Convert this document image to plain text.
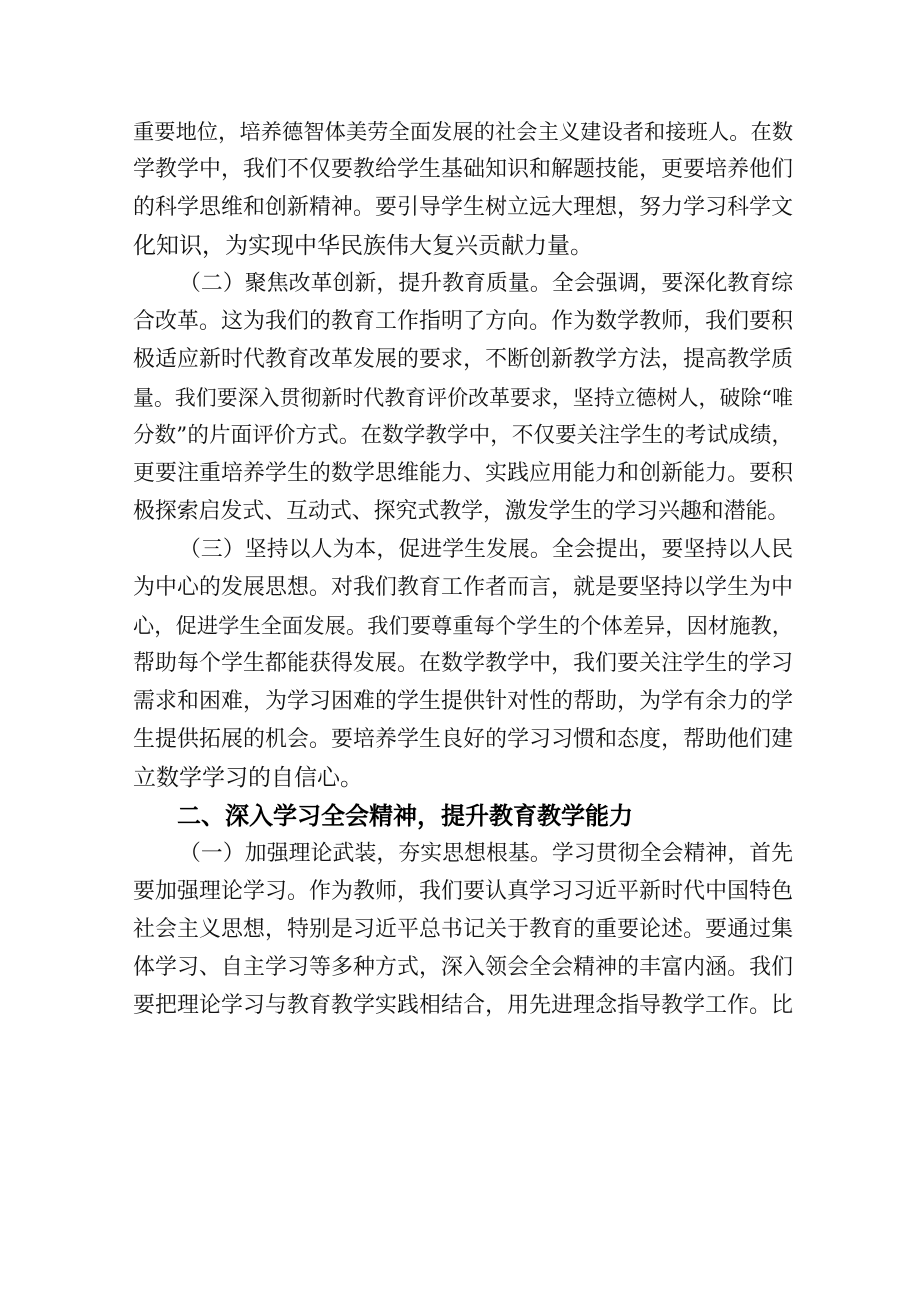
重要地位，培养德智体美劳全面发展的社会主义建设者和接班人。在数

学教学中，我们不仅要教给学生基础知识和解题技能，更要培养他们

的科学思维和创新精神。要引导学生树立远大理想，努力学习科学文

化知识，为实现中华民族伟大复兴贡献力量。

（二）聚焦改革创新，提升教育质量。全会强调，要深化教育综

合改革。这为我们的教育工作指明了方向。作为数学教师，我们要积

极适应新时代教育改革发展的要求，不断创新教学方法，提高教学质

量。我们要深入贯彻新时代教育评价改革要求，坚持立德树人，破除“唯

分数”的片面评价方式。在数学教学中，不仅要关注学生的考试成绩，

更要注重培养学生的数学思维能力、实践应用能力和创新能力。要积

极探索启发式、互动式、探究式教学，激发学生的学习兴趣和潜能。

（三）坚持以人为本，促进学生发展。全会提出，要坚持以人民

为中心的发展思想。对我们教育工作者而言，就是要坚持以学生为中

心，促进学生全面发展。我们要尊重每个学生的个体差异，因材施教，

帮助每个学生都能获得发展。在数学教学中，我们要关注学生的学习

需求和困难，为学习困难的学生提供针对性的帮助，为学有余力的学

生提供拓展的机会。要培养学生良好的学习习惯和态度，帮助他们建

立数学学习的自信心。

二、深入学习全会精神，提升教育教学能力

（一）加强理论武装，夯实思想根基。学习贯彻全会精神，首先

要加强理论学习。作为教师，我们要认真学习习近平新时代中国特色

社会主义思想，特别是习近平总书记关于教育的重要论述。要通过集

体学习、自主学习等多种方式，深入领会全会精神的丰富内涵。我们

要把理论学习与教育教学实践相结合，用先进理念指导教学工作。比
